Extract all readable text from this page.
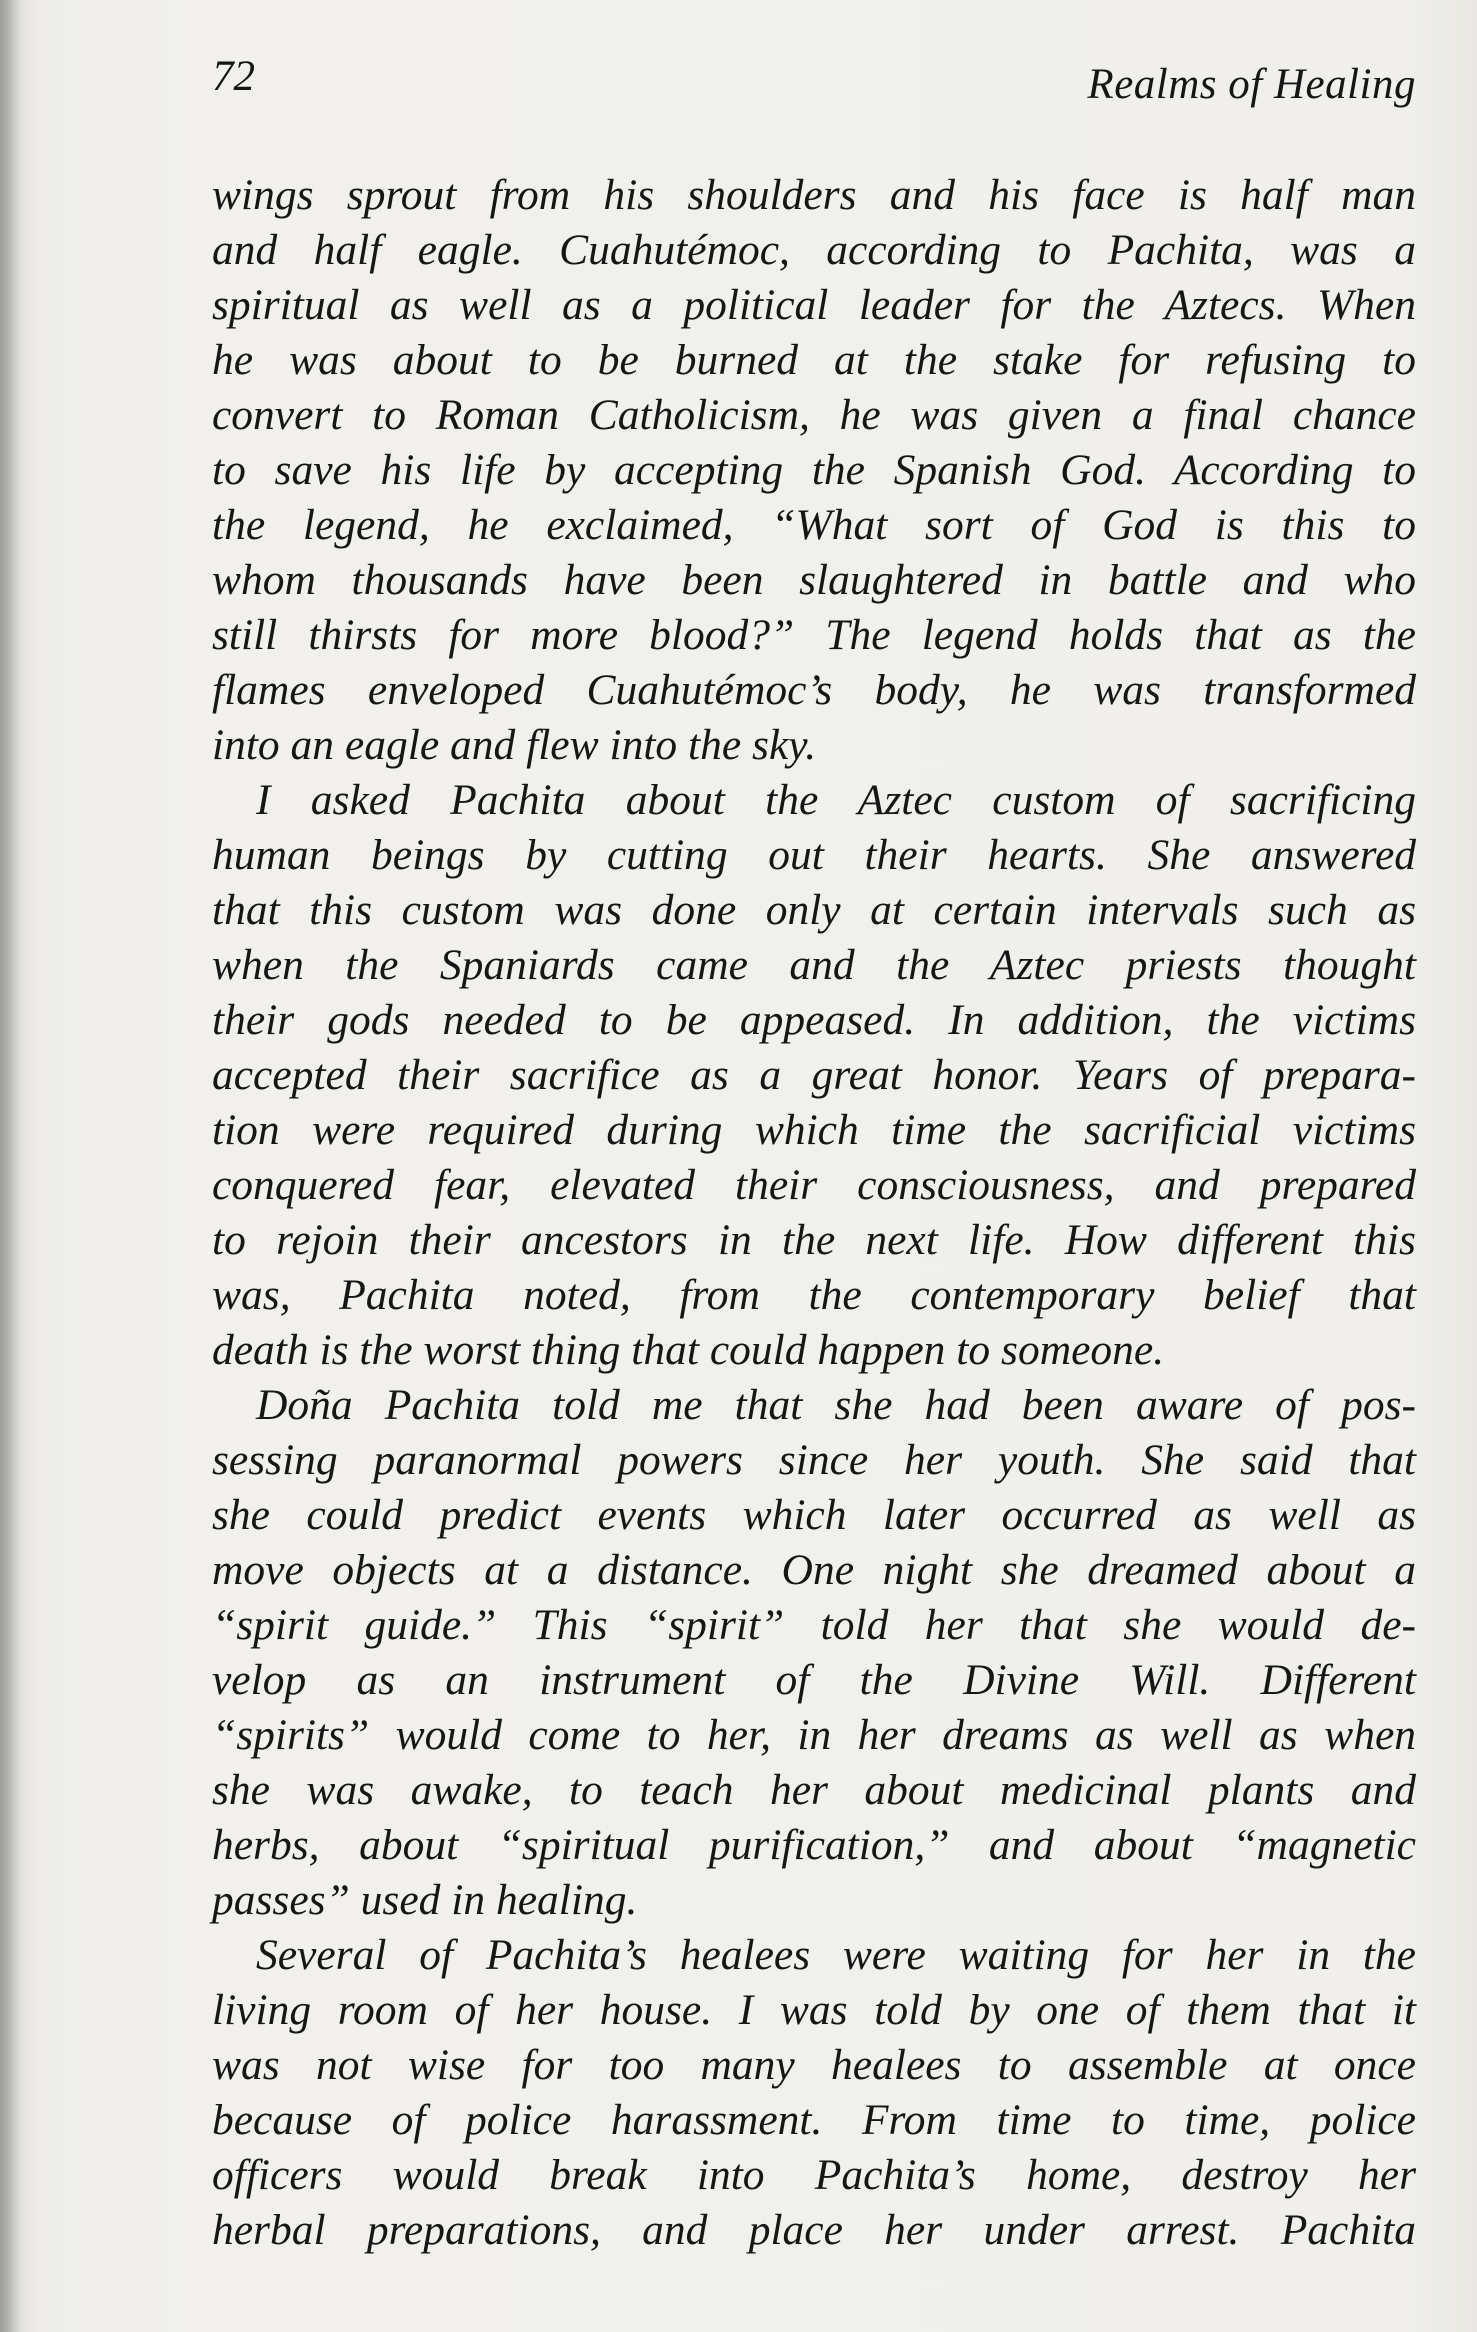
72	Realms of Healing
wings sprout from his shoulders and his face is half man
and half eagle. Cuahutémoc, according to Pachita, was a
spiritual as well as a political leader for the Aztecs. When
he was about to be burned at the stake for refusing to
convert to Roman Catholicism, he was given a final chance
to save his life by accepting the Spanish God. According to
the legend, he exclaimed, “What sort of God is this to
whom thousands have been slaughtered in battle and who
still thirsts for more blood?” The legend holds that as the
flames enveloped Cuahutémoc’s body, he was transformed
into an eagle and flew into the sky.
I asked Pachita about the Aztec custom of sacrificing
human beings by cutting out their hearts. She answered
that this custom was done only at certain intervals such as
when the Spaniards came and the Aztec priests thought
their gods needed to be appeased. In addition, the victims
accepted their sacrifice as a great honor. Years of prepara-
tion were required during which time the sacrificial victims
conquered fear, elevated their consciousness, and prepared
to rejoin their ancestors in the next life. How different this
was, Pachita noted, from the contemporary belief that
death is the worst thing that could happen to someone.
Doña Pachita told me that she had been aware of pos-
sessing paranormal powers since her youth. She said that
she could predict events which later occurred as well as
move objects at a distance. One night she dreamed about a
“spirit guide.” This “spirit” told her that she would de-
velop as an instrument of the Divine Will. Different
“spirits” would come to her, in her dreams as well as when
she was awake, to teach her about medicinal plants and
herbs, about “spiritual purification,” and about “magnetic
passes” used in healing.
Several of Pachita’s healees were waiting for her in the
living room of her house. I was told by one of them that it
was not wise for too many healees to assemble at once
because of police harassment. From time to time, police
officers would break into Pachita’s home, destroy her
herbal preparations, and place her under arrest. Pachita
